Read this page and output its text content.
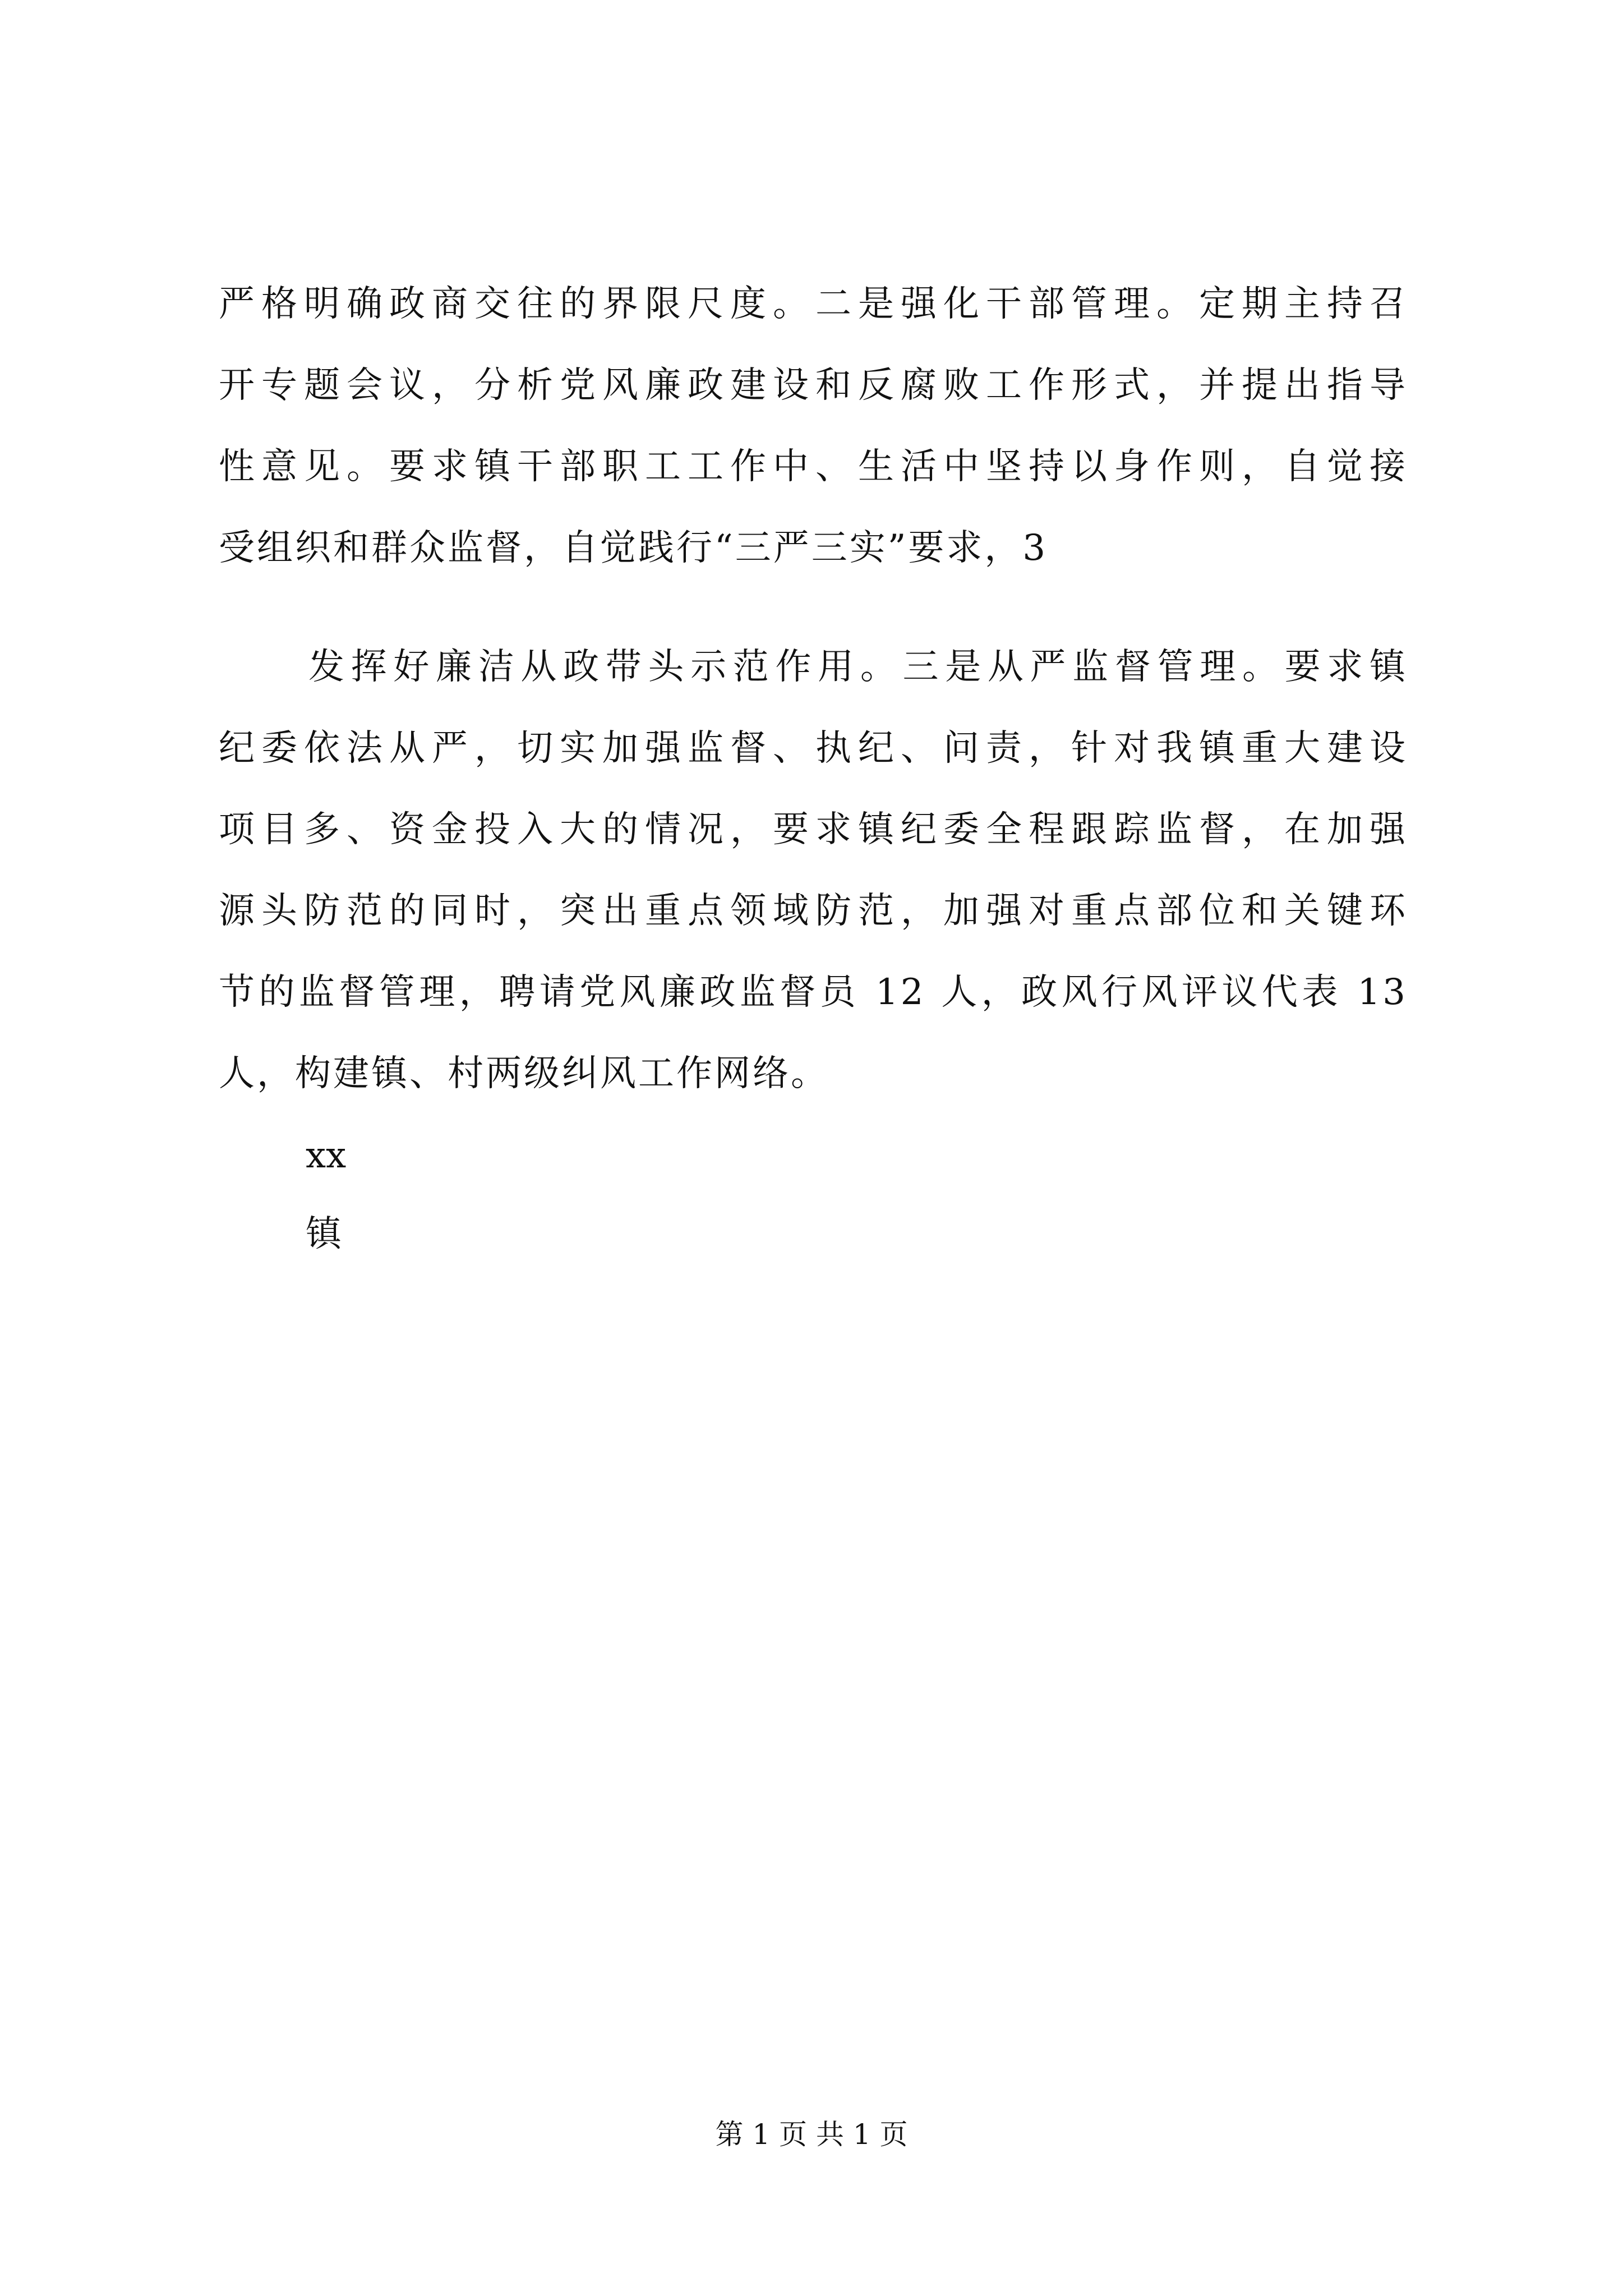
严格明确政商交往的界限尺度。二是强化干部管理。定期主持召
开专题会议，分析党风廉政建设和反腐败工作形式，并提出指导
性意见。要求镇干部职工工作中、生活中坚持以身作则，自觉接
受组织和群众监督，自觉践行“三严三实”要求，3
发挥好廉洁从政带头示范作用。三是从严监督管理。要求镇
纪委依法从严，切实加强监督、执纪、问责，针对我镇重大建设
项目多、资金投入大的情况，要求镇纪委全程跟踪监督，在加强
源头防范的同时，突出重点领域防范，加强对重点部位和关键环
节的监督管理，聘请党风廉政监督员 12 人，政风行风评议代表 13
人，构建镇、村两级纠风工作网络。
xx
镇
第 1 页 共 1 页
